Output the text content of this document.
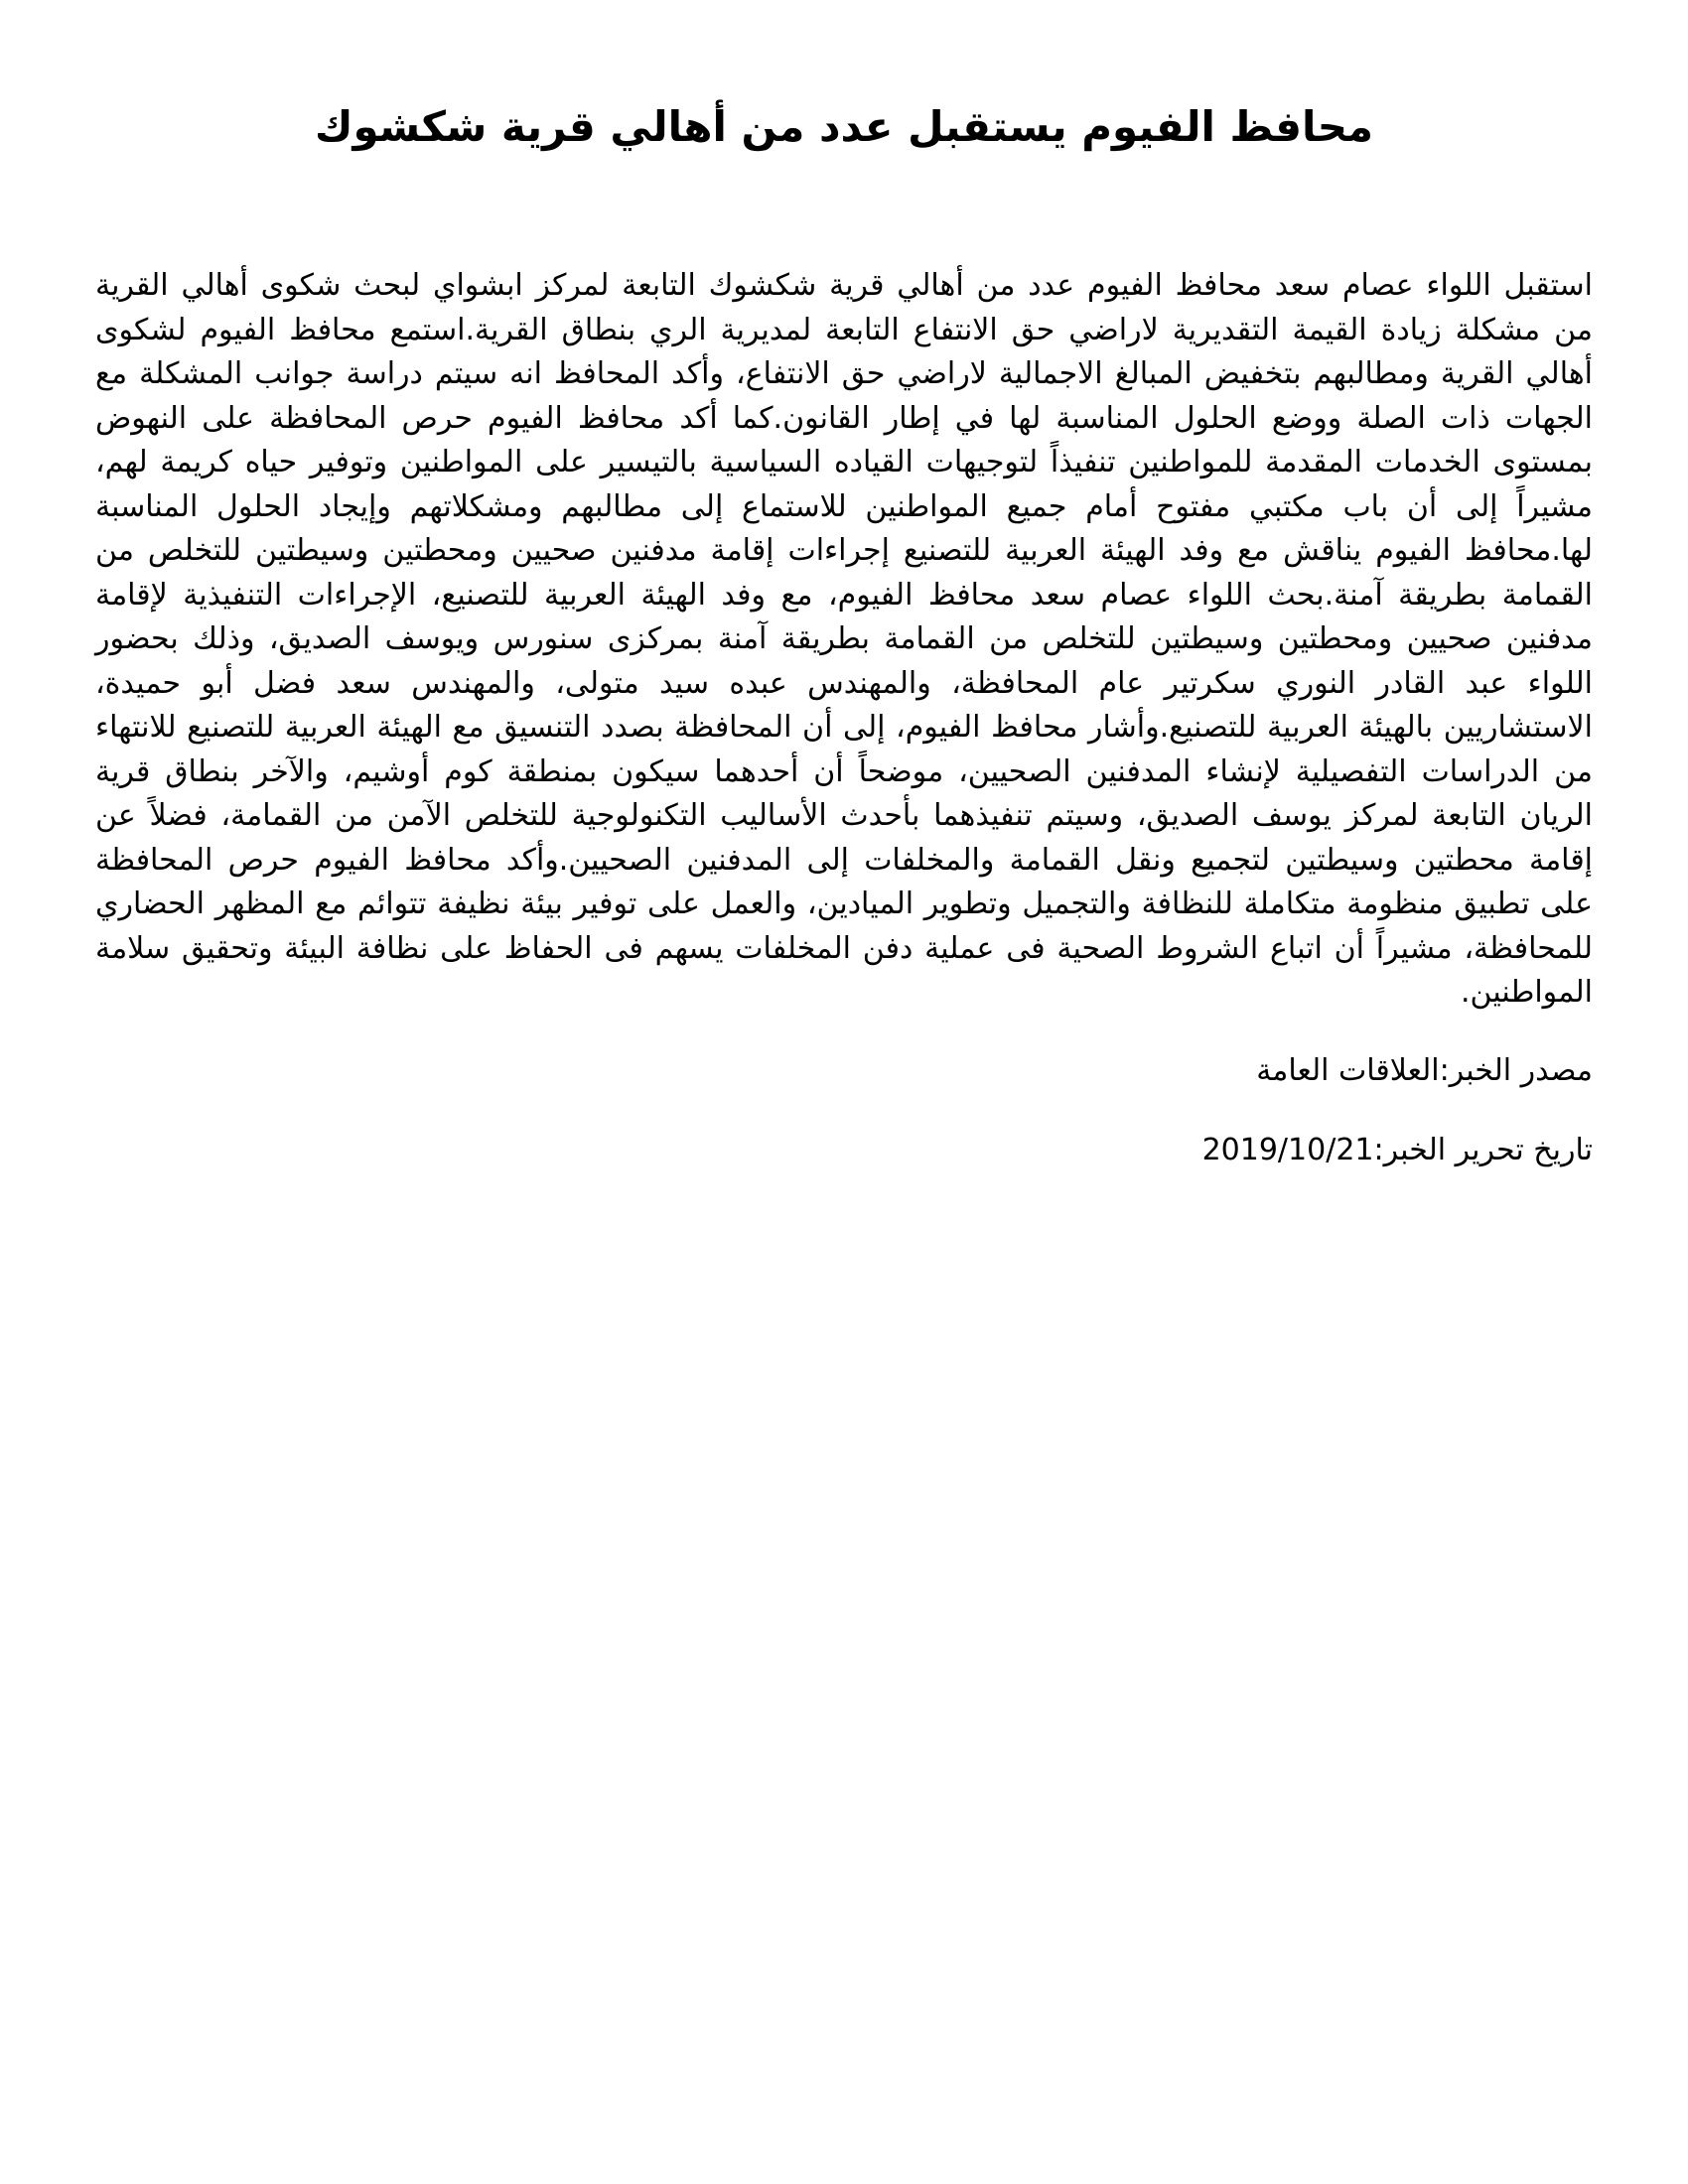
محافظ الفيوم يستقبل عدد من أهالي قرية شكشوك

استقبل اللواء عصام سعد محافظ الفيوم عدد من أهالي قرية شكشوك التابعة لمركز ابشواي لبحث شكوى أهالي القرية من مشكلة زيادة القيمة التقديرية لاراضي حق الانتفاع التابعة لمديرية الري بنطاق القرية.استمع محافظ الفيوم لشكوى أهالي القرية ومطالبهم بتخفيض المبالغ الاجمالية لاراضي حق الانتفاع، وأكد المحافظ انه سيتم دراسة جوانب المشكلة مع الجهات ذات الصلة ووضع الحلول المناسبة لها في إطار القانون.كما أكد محافظ الفيوم حرص المحافظة على النهوض بمستوى الخدمات المقدمة للمواطنين تنفيذاً لتوجيهات القياده السياسية بالتيسير على المواطنين وتوفير حياه كريمة لهم، مشيراً إلى أن باب مكتبي مفتوح أمام جميع المواطنين للاستماع إلى مطالبهم ومشكلاتهم وإيجاد الحلول المناسبة لها.محافظ الفيوم يناقش مع وفد الهيئة العربية للتصنيع إجراءات إقامة مدفنين صحيين ومحطتين وسيطتين للتخلص من القمامة بطريقة آمنة.بحث اللواء عصام سعد محافظ الفيوم، مع وفد الهيئة العربية للتصنيع، الإجراءات التنفيذية لإقامة مدفنين صحيين ومحطتين وسيطتين للتخلص من القمامة بطريقة آمنة بمركزى سنورس ويوسف الصديق، وذلك بحضور اللواء عبد القادر النوري سكرتير عام المحافظة، والمهندس عبده سيد متولى، والمهندس سعد فضل أبو حميدة، الاستشاريين بالهيئة العربية للتصنيع.وأشار محافظ الفيوم، إلى أن المحافظة بصدد التنسيق مع الهيئة العربية للتصنيع للانتهاء من الدراسات التفصيلية لإنشاء المدفنين الصحيين، موضحاً أن أحدهما سيكون بمنطقة كوم أوشيم، والآخر بنطاق قرية الريان التابعة لمركز يوسف الصديق، وسيتم تنفيذهما بأحدث الأساليب التكنولوجية للتخلص الآمن من القمامة، فضلاً عن إقامة محطتين وسيطتين لتجميع ونقل القمامة والمخلفات إلى المدفنين الصحيين.وأكد محافظ الفيوم حرص المحافظة على تطبيق منظومة متكاملة للنظافة والتجميل وتطوير الميادين، والعمل على توفير بيئة نظيفة تتوائم مع المظهر الحضاري للمحافظة، مشيراً أن اتباع الشروط الصحية فى عملية دفن المخلفات يسهم فى الحفاظ على نظافة البيئة وتحقيق سلامة المواطنين.

مصدر الخبر:العلاقات العامة
تاريخ تحرير الخبر:2019/10/21
